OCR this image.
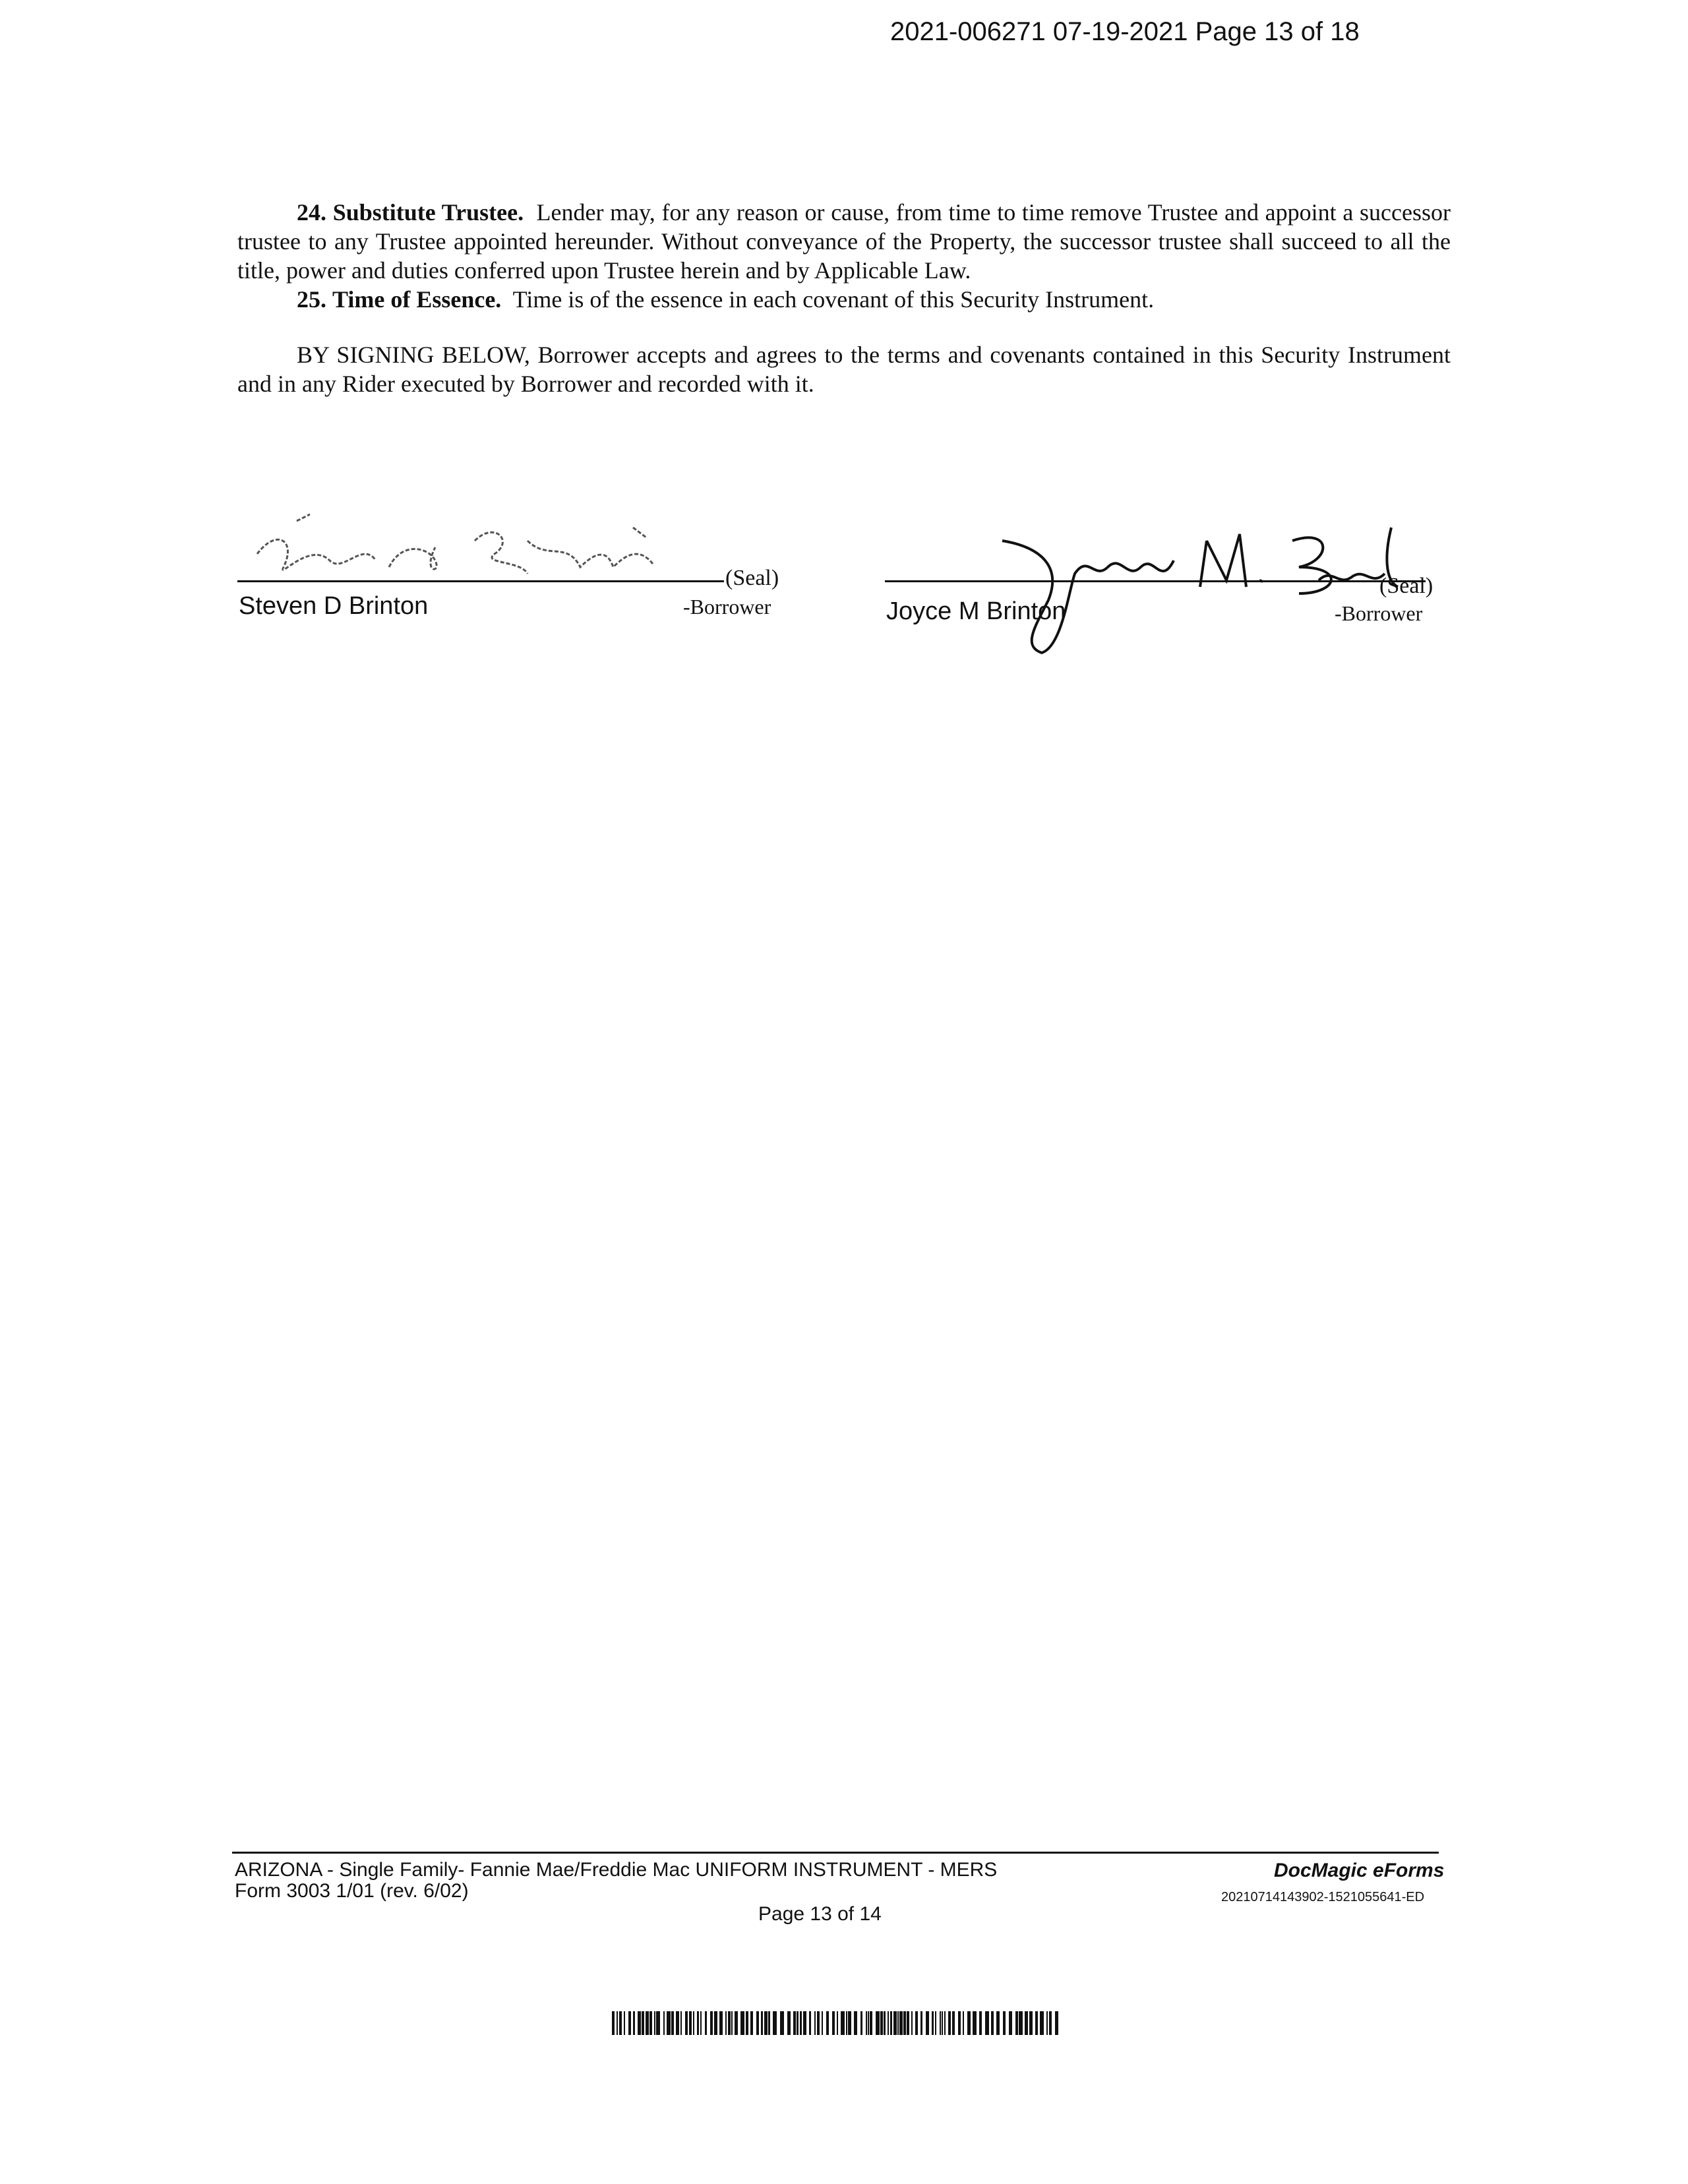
2021-006271 07-19-2021 Page 13 of 18

24. Substitute Trustee. Lender may, for any reason or cause, from time to time remove Trustee and appoint a successor trustee to any Trustee appointed hereunder. Without conveyance of the Property, the successor trustee shall succeed to all the title, power and duties conferred upon Trustee herein and by Applicable Law.

25. Time of Essence. Time is of the essence in each covenant of this Security Instrument.

BY SIGNING BELOW, Borrower accepts and agrees to the terms and covenants contained in this Security Instrument and in any Rider executed by Borrower and recorded with it.

(Seal)
Steven D Brinton	-Borrower
(Seal)
Joyce M Brinton	-Borrower
ARIZONA - Single Family- Fannie Mae/Freddie Mac UNIFORM INSTRUMENT - MERS
Form 3003 1/01 (rev. 6/02)
Page 13 of 14
DocMagic eForms
20210714143902-1521055641-ED
